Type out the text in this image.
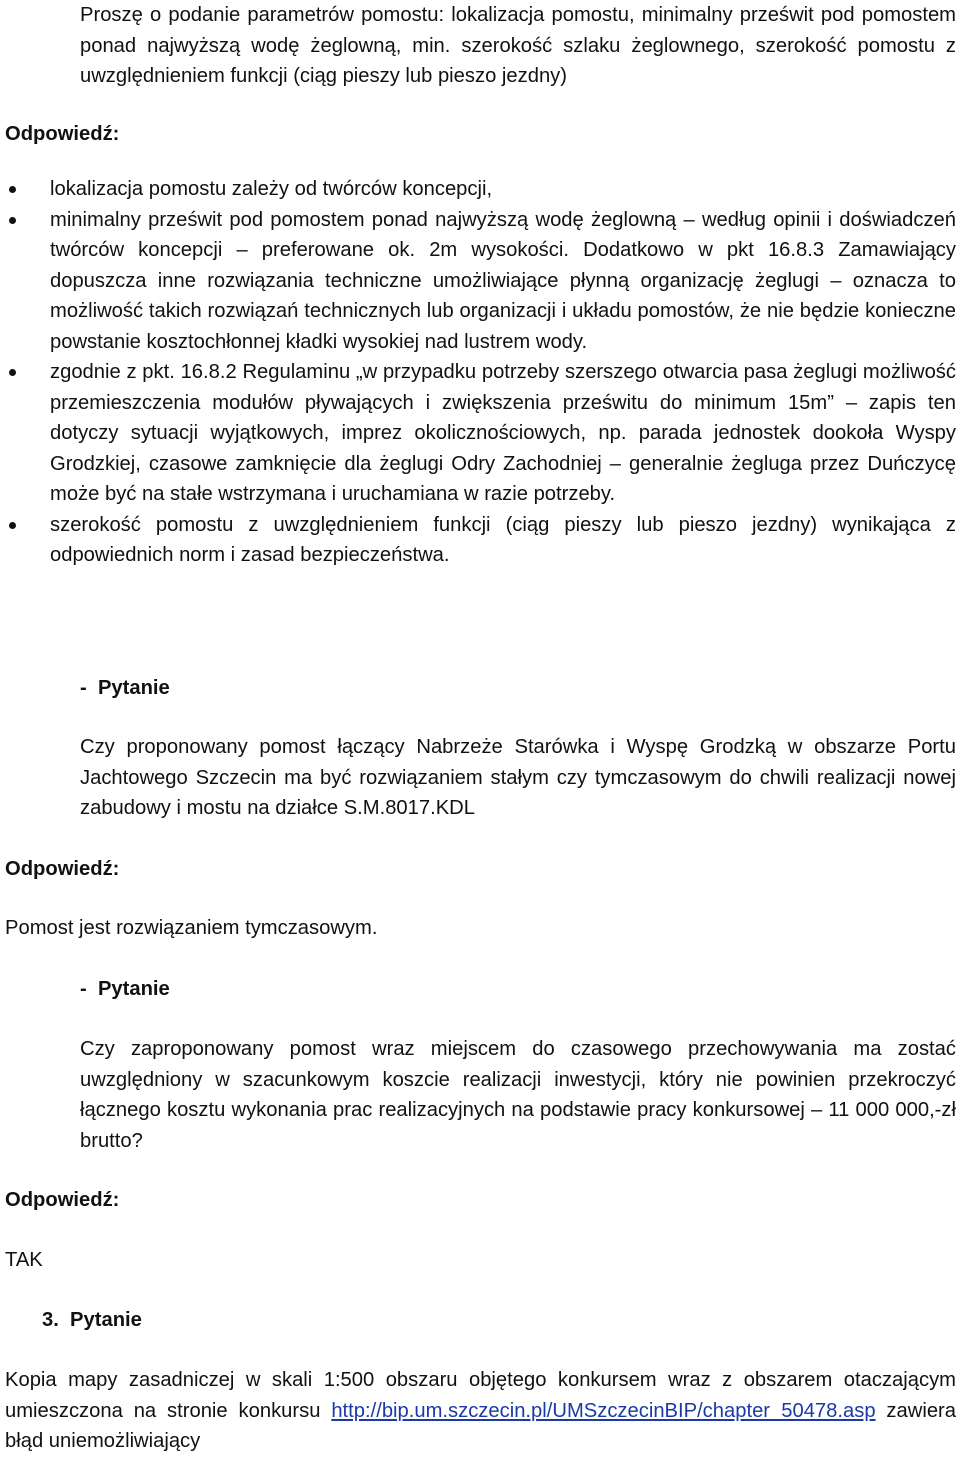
Proszę o podanie parametrów pomostu: lokalizacja pomostu, minimalny prześwit pod pomostem ponad najwyższą wodę żeglowną, min. szerokość szlaku żeglownego, szerokość pomostu z uwzględnieniem funkcji (ciąg pieszy lub pieszo jezdny)

Odpowiedź:
lokalizacja pomostu zależy od twórców koncepcji,
minimalny prześwit pod pomostem ponad najwyższą wodę żeglowną – według opinii i doświadczeń twórców koncepcji – preferowane ok. 2m wysokości. Dodatkowo w pkt 16.8.3 Zamawiający dopuszcza inne rozwiązania techniczne umożliwiające płynną organizację żeglugi – oznacza to możliwość takich rozwiązań technicznych lub organizacji i układu pomostów, że nie będzie konieczne powstanie kosztochłonnej kładki wysokiej nad lustrem wody.
zgodnie z pkt. 16.8.2 Regulaminu „w przypadku potrzeby szerszego otwarcia pasa żeglugi możliwość przemieszczenia modułów pływających i zwiększenia prześwitu do minimum 15m” – zapis ten dotyczy sytuacji wyjątkowych, imprez okolicznościowych, np. parada jednostek dookoła Wyspy Grodzkiej, czasowe zamknięcie dla żeglugi Odry Zachodniej – generalnie żegluga przez Duńczycę może być na stałe wstrzymana i uruchamiana w razie potrzeby.
szerokość pomostu z uwzględnieniem funkcji (ciąg pieszy lub pieszo jezdny) wynikająca z odpowiednich norm i zasad bezpieczeństwa.
-  Pytanie

Czy proponowany pomost łączący Nabrzeże Starówka i Wyspę Grodzką w obszarze Portu Jachtowego Szczecin ma być rozwiązaniem stałym czy tymczasowym do chwili realizacji nowej zabudowy i mostu na działce S.M.8017.KDL

Odpowiedź:
Pomost jest rozwiązaniem tymczasowym.
-  Pytanie

Czy zaproponowany pomost wraz miejscem do czasowego przechowywania ma zostać uwzględniony w szacunkowym koszcie realizacji inwestycji, który nie powinien przekroczyć łącznego kosztu wykonania prac realizacyjnych na podstawie pracy konkursowej – 11 000 000,-zł brutto?

Odpowiedź:
TAK
3.  Pytanie

Kopia mapy zasadniczej w skali 1:500 obszaru objętego konkursem wraz z obszarem otaczającym umieszczona na stronie konkursu http://bip.um.szczecin.pl/UMSzczecinBIP/chapter_50478.asp zawiera błąd uniemożliwiający
